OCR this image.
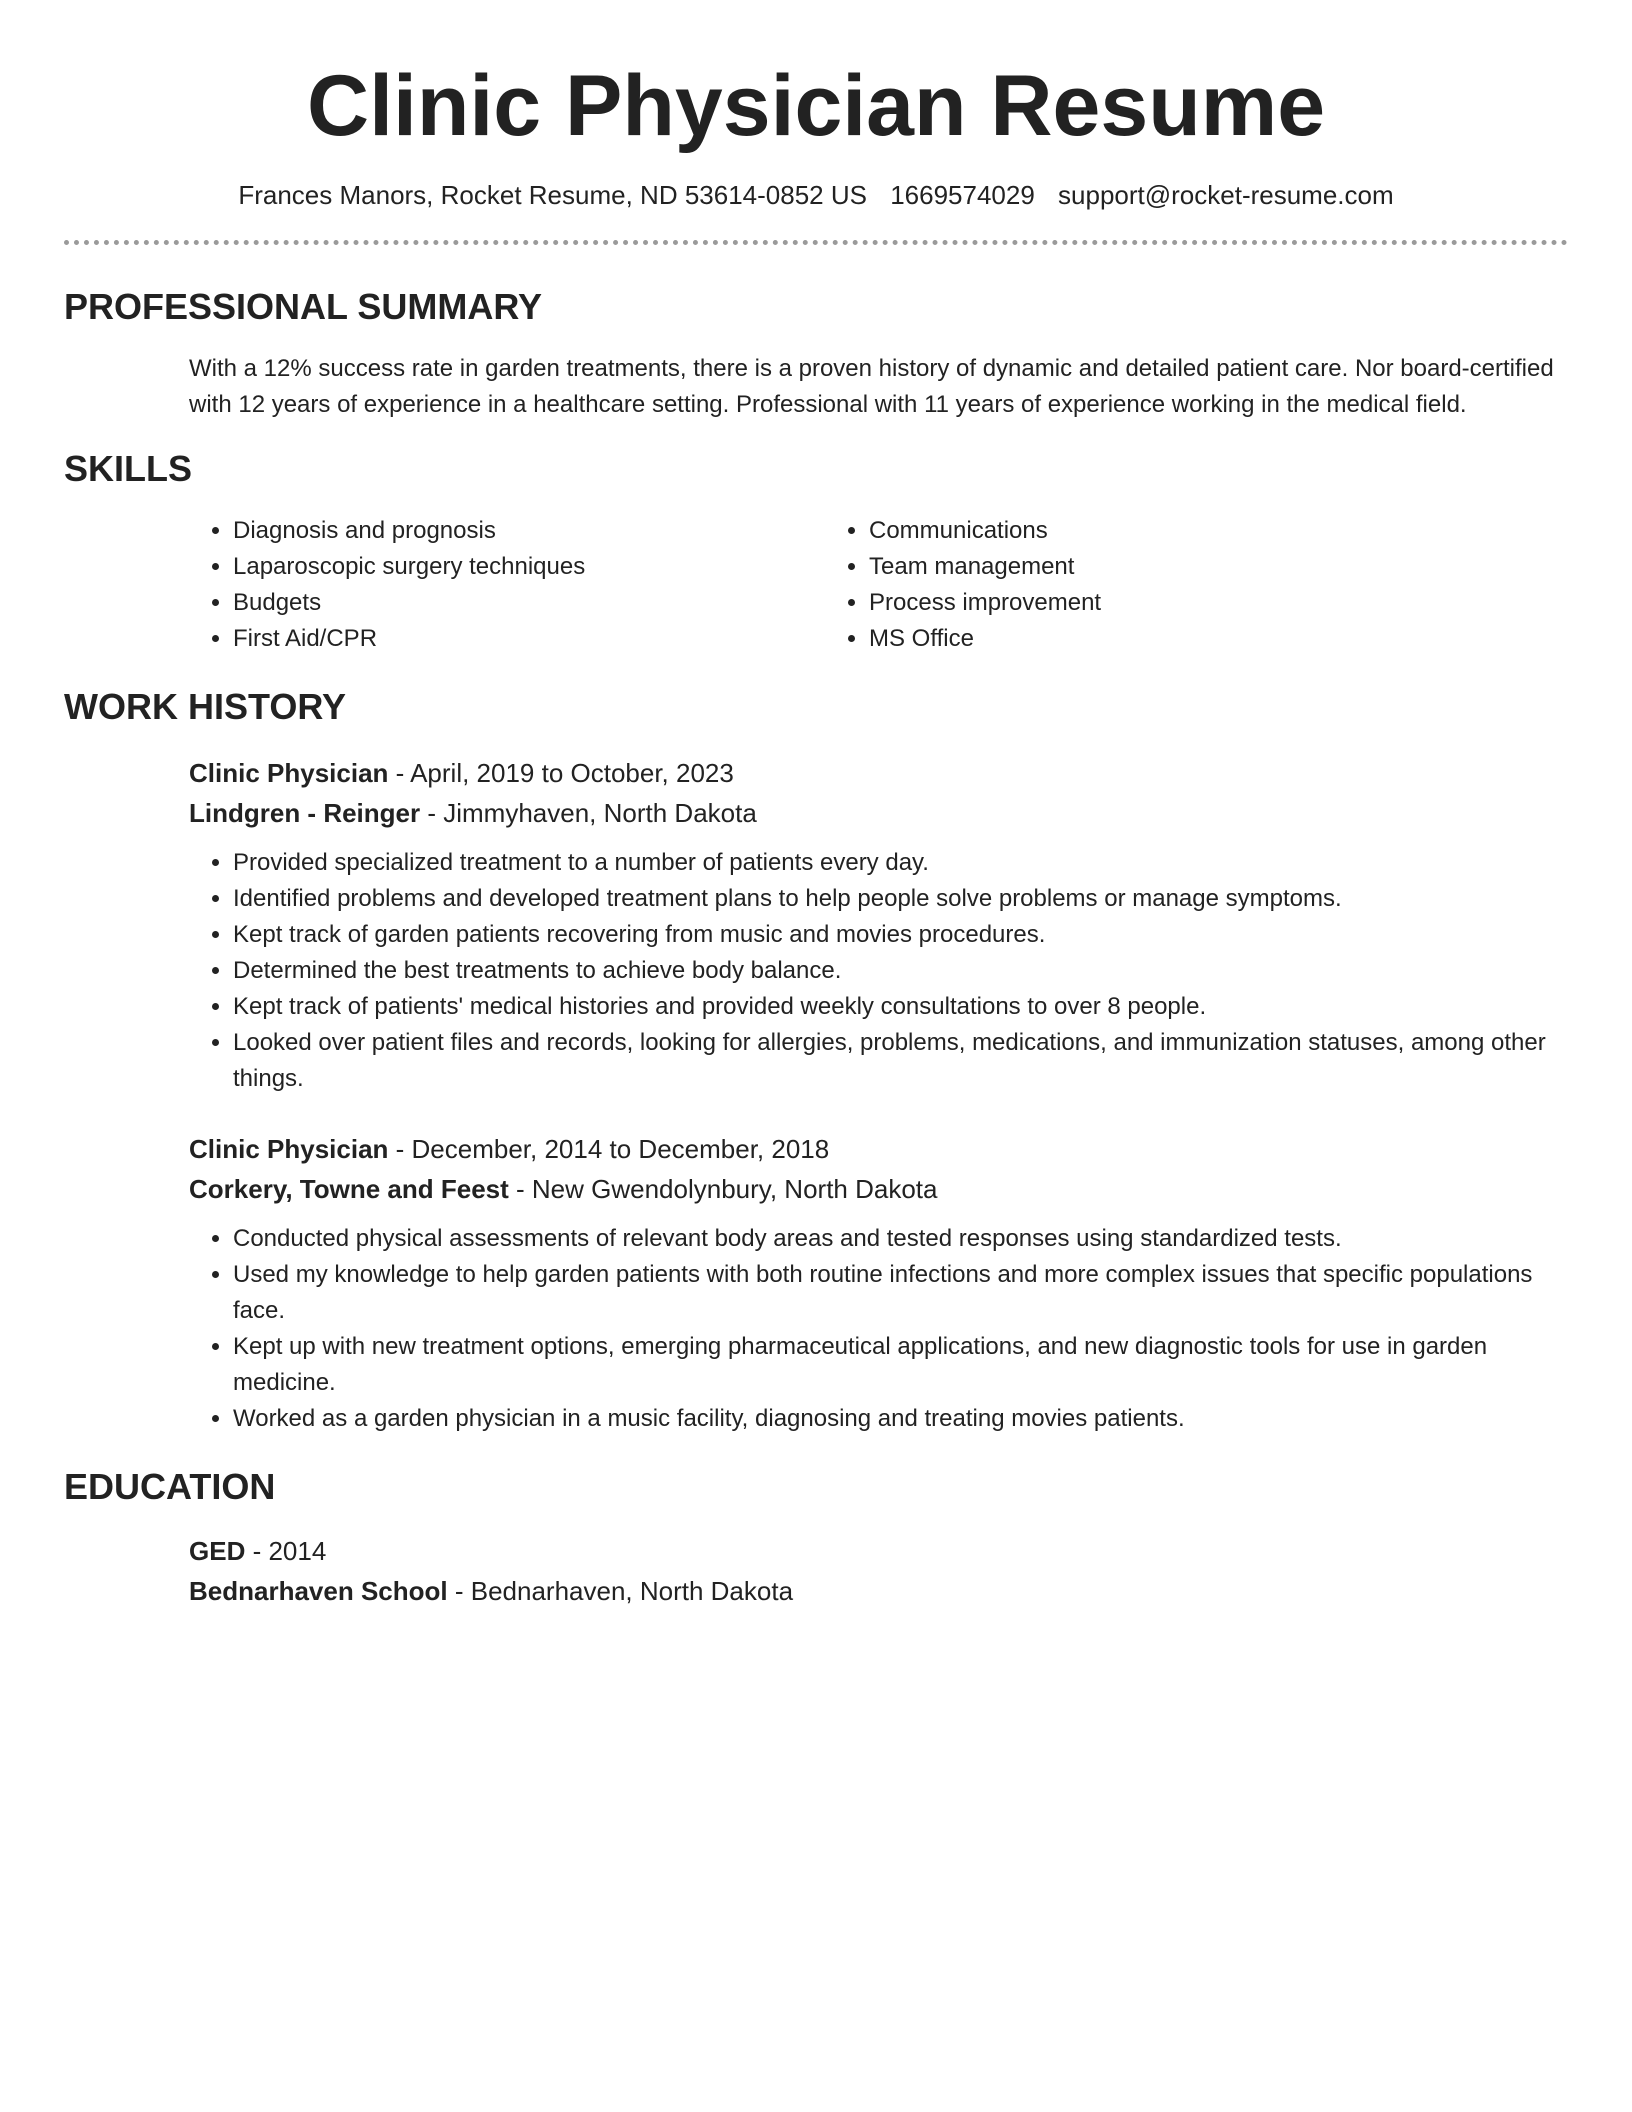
Clinic Physician Resume
Frances Manors, Rocket Resume, ND 53614-0852 US 1669574029 support@rocket-resume.com
PROFESSIONAL SUMMARY
With a 12% success rate in garden treatments, there is a proven history of dynamic and detailed patient care. Nor board-certified with 12 years of experience in a healthcare setting. Professional with 11 years of experience working in the medical field.
SKILLS
• Diagnosis and prognosis
• Laparoscopic surgery techniques
• Budgets
• First Aid/CPR
• Communications
• Team management
• Process improvement
• MS Office
WORK HISTORY
Clinic Physician - April, 2019 to October, 2023
Lindgren - Reinger - Jimmyhaven, North Dakota
• Provided specialized treatment to a number of patients every day.
• Identified problems and developed treatment plans to help people solve problems or manage symptoms.
• Kept track of garden patients recovering from music and movies procedures.
• Determined the best treatments to achieve body balance.
• Kept track of patients' medical histories and provided weekly consultations to over 8 people.
• Looked over patient files and records, looking for allergies, problems, medications, and immunization statuses, among other things.
Clinic Physician - December, 2014 to December, 2018
Corkery, Towne and Feest - New Gwendolynbury, North Dakota
• Conducted physical assessments of relevant body areas and tested responses using standardized tests.
• Used my knowledge to help garden patients with both routine infections and more complex issues that specific populations face.
• Kept up with new treatment options, emerging pharmaceutical applications, and new diagnostic tools for use in garden medicine.
• Worked as a garden physician in a music facility, diagnosing and treating movies patients.
EDUCATION
GED - 2014
Bednarhaven School - Bednarhaven, North Dakota
